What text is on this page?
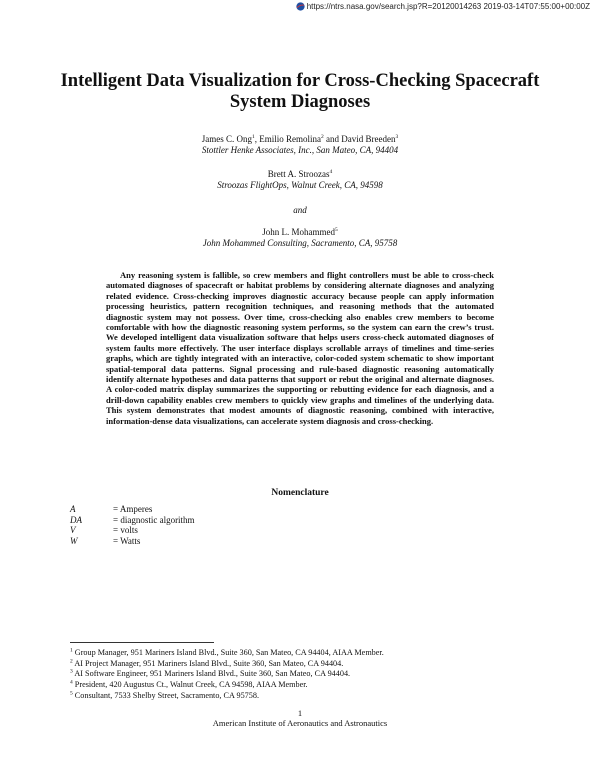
https://ntrs.nasa.gov/search.jsp?R=20120014263 2019-03-14T07:55:00+00:00Z
Intelligent Data Visualization for Cross-Checking Spacecraft
System Diagnoses
James C. Ong$^1$, Emilio Remolina$^2$ and David Breeden$^3$
Stottler Henke Associates, Inc., San Mateo, CA, 94404
Brett A. Stroozas$^4$
Stroozas FlightOps, Walnut Creek, CA, 94598
and
John L. Mohammed$^5$
John Mohammed Consulting, Sacramento, CA, 95758
Any reasoning system is fallible, so crew members and flight controllers must be able to cross-check automated diagnoses of spacecraft or habitat problems by considering alternate diagnoses and analyzing related evidence. Cross-checking improves diagnostic accuracy because people can apply information processing heuristics, pattern recognition techniques, and reasoning methods that the automated diagnostic system may not possess. Over time, cross-checking also enables crew members to become comfortable with how the diagnostic reasoning system performs, so the system can earn the crew’s trust. We developed intelligent data visualization software that helps users cross-check automated diagnoses of system faults more effectively. The user interface displays scrollable arrays of timelines and time-series graphs, which are tightly integrated with an interactive, color-coded system schematic to show important spatial-temporal data patterns. Signal processing and rule-based diagnostic reasoning automatically identify alternate hypotheses and data patterns that support or rebut the original and alternate diagnoses. A color-coded matrix display summarizes the supporting or rebutting evidence for each diagnosis, and a drill-down capability enables crew members to quickly view graphs and timelines of the underlying data. This system demonstrates that modest amounts of diagnostic reasoning, combined with interactive, information-dense data visualizations, can accelerate system diagnosis and cross-checking.
Nomenclature
A	= Amperes
DA	= diagnostic algorithm
V	= volts
W	= Watts
$^1$ Group Manager, 951 Mariners Island Blvd., Suite 360, San Mateo, CA 94404, AIAA Member.
$^2$ AI Project Manager, 951 Mariners Island Blvd., Suite 360, San Mateo, CA 94404.
$^3$ AI Software Engineer, 951 Mariners Island Blvd., Suite 360, San Mateo, CA 94404.
$^4$ President, 420 Augustus Ct., Walnut Creek, CA 94598, AIAA Member.
$^5$ Consultant, 7533 Shelby Street, Sacramento, CA 95758.
1
American Institute of Aeronautics and Astronautics
